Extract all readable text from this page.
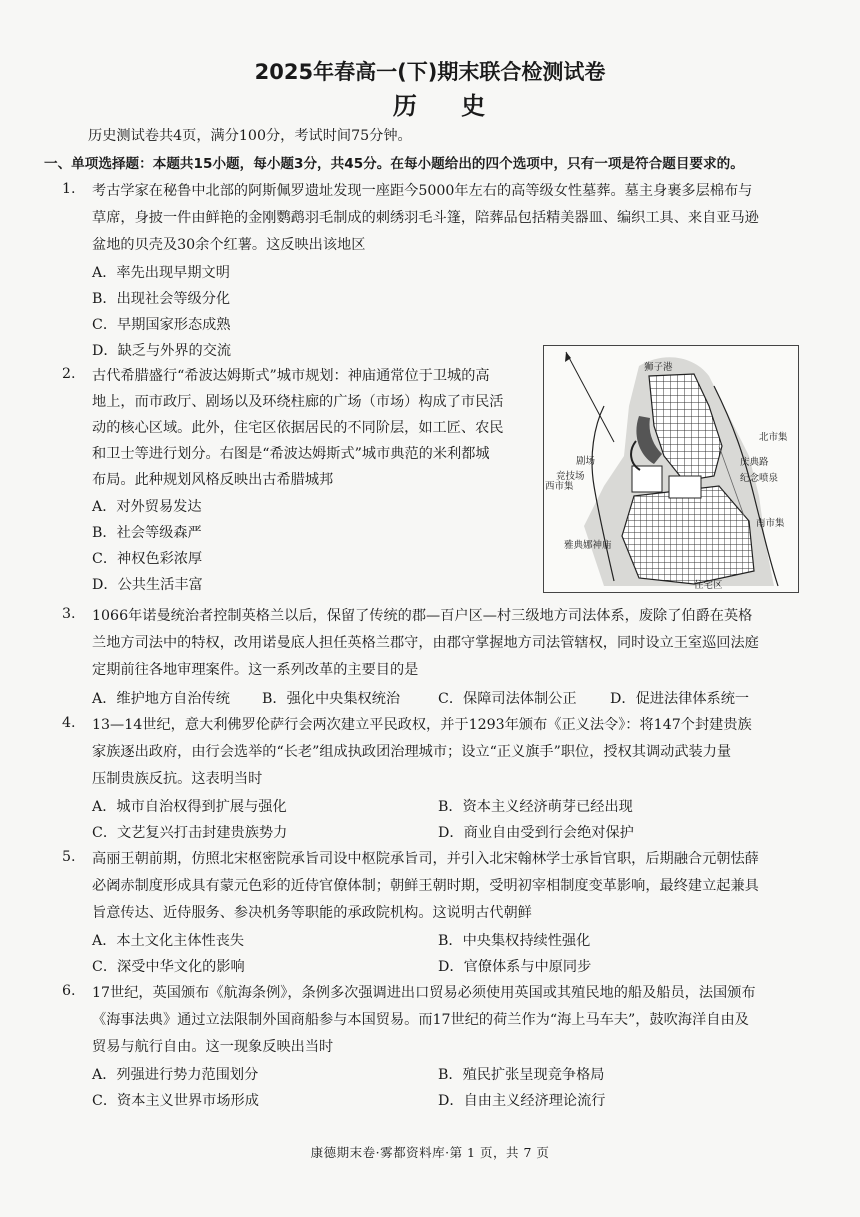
2025年春高一(下)期末联合检测试卷
历 史
历史测试卷共4页，满分100分，考试时间75分钟。
一、单项选择题：本题共15小题，每小题3分，共45分。在每小题给出的四个选项中，只有一项是符合题目要求的。
1. 考古学家在秘鲁中北部的阿斯佩罗遗址发现一座距今5000年左右的高等级女性墓葬。墓主身裹多层棉布与
草席，身披一件由鲜艳的金刚鹦鹉羽毛制成的刺绣羽毛斗篷，陪葬品包括精美器皿、编织工具、来自亚马逊
盆地的贝壳及30余个红薯。这反映出该地区
A．率先出现早期文明
B．出现社会等级分化
C．早期国家形态成熟
D．缺乏与外界的交流
2. 古代希腊盛行“希波达姆斯式”城市规划：神庙通常位于卫城的高
地上，而市政厅、剧场以及环绕柱廊的广场（市场）构成了市民活
动的核心区域。此外，住宅区依据居民的不同阶层，如工匠、农民
和卫士等进行划分。右图是“希波达姆斯式”城市典范的米利都城
布局。此种规划风格反映出古希腊城邦
A．对外贸易发达
B．社会等级森严
C．神权色彩浓厚
D．公共生活丰富
狮子港
北市集
庆典路
纪念喷泉
剧场
竞技场
西市集
南市集
雅典娜神庙
住宅区
3. 1066年诺曼统治者控制英格兰以后，保留了传统的郡—百户区—村三级地方司法体系，废除了伯爵在英格
兰地方司法中的特权，改用诺曼底人担任英格兰郡守，由郡守掌握地方司法管辖权，同时设立王室巡回法庭
定期前往各地审理案件。这一系列改革的主要目的是
A．维护地方自治传统 B．强化中央集权统治	C．保障司法体制公正 D．促进法律体系统一
4. 13—14世纪，意大利佛罗伦萨行会两次建立平民政权，并于1293年颁布《正义法令》：将147个封建贵族
家族逐出政府，由行会选举的“长老”组成执政团治理城市；设立“正义旗手”职位，授权其调动武装力量
压制贵族反抗。这表明当时
A．城市自治权得到扩展与强化	B．资本主义经济萌芽已经出现
C．文艺复兴打击封建贵族势力	D．商业自由受到行会绝对保护
5. 高丽王朝前期，仿照北宋枢密院承旨司设中枢院承旨司，并引入北宋翰林学士承旨官职，后期融合元朝怯薛
必阇赤制度形成具有蒙元色彩的近侍官僚体制；朝鲜王朝时期，受明初宰相制度变革影响，最终建立起兼具
旨意传达、近侍服务、参决机务等职能的承政院机构。这说明古代朝鲜
A．本土文化主体性丧失	B．中央集权持续性强化
C．深受中华文化的影响	D．官僚体系与中原同步
6. 17世纪，英国颁布《航海条例》，条例多次强调进出口贸易必须使用英国或其殖民地的船及船员，法国颁布
《海事法典》通过立法限制外国商船参与本国贸易。而17世纪的荷兰作为“海上马车夫”，鼓吹海洋自由及
贸易与航行自由。这一现象反映出当时
A．列强进行势力范围划分	B．殖民扩张呈现竞争格局
C．资本主义世界市场形成	D．自由主义经济理论流行
康德期末卷·雾都资料库·第 1 页，共 7 页
